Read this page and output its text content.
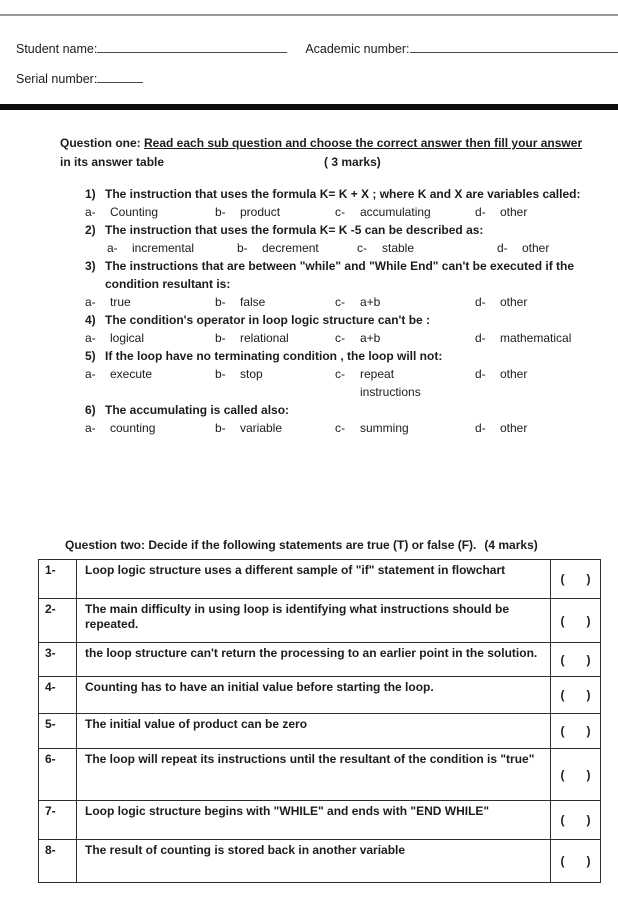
Student name:	Academic number:
Serial number:
Question one: Read each sub question and choose the correct answer then fill your answer
in its answer table	( 3 marks)
1) The instruction that uses the formula K= K + X ; where K and X are variables called:
a-	Counting	b-	product	c-	accumulating	d-	other
2) The instruction that uses the formula K= K -5 can be described as:
a-	incremental	b-	decrement	c-	stable	d-	other
3) The instructions that are between "while" and "While End" can't be executed if the condition resultant is:
a-	true	b-	false	c-	a+b	d-	other
4) The condition's operator in loop logic structure can't be :
a-	logical	b-	relational	c-	a+b	d-	mathematical
5) If the loop have no terminating condition , the loop will not:
a-	execute	b-	stop	c-	repeat instructions
d-	other
6) The accumulating is called also:
a-	counting	b-	variable	c-	summing	d-	other
Question two: Decide if the following statements are true (T) or false (F). (4 marks)
1-	Loop logic structure uses a different sample of "if" statement in flowchart	( )

2-	The main difficulty in using loop is identifying what instructions should be repeated.	( )

3-	the loop structure can't return the processing to an earlier point in the solution.	( )

4-	Counting has to have an initial value before starting the loop.	( )

5-	The initial value of product can be zero	( )

6-	The loop will repeat its instructions until the resultant of the condition is "true"	( )

7-	Loop logic structure begins with "WHILE" and ends with "END WHILE"	( )

8-	The result of counting is stored back in another variable	( )
